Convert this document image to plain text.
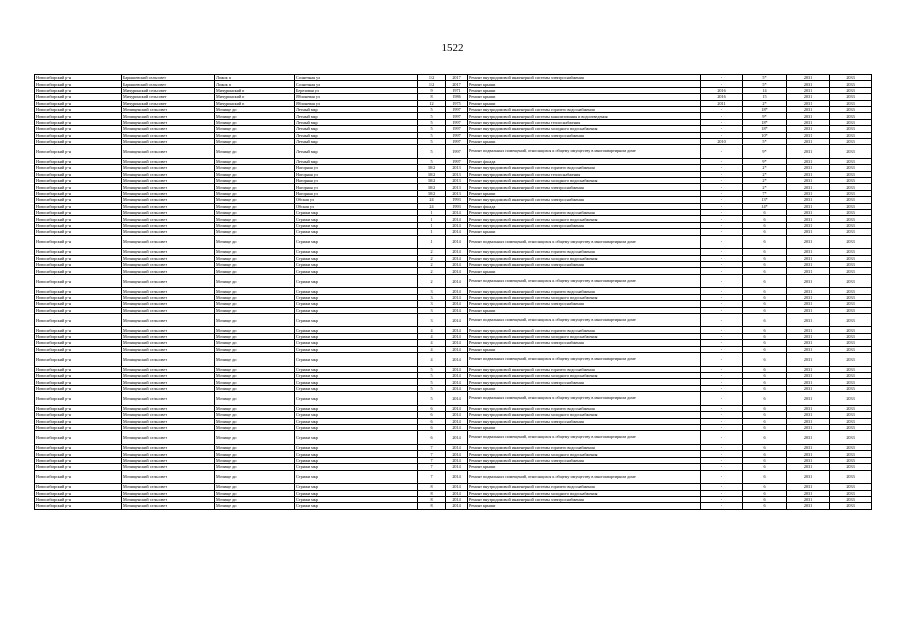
1522
Новосибирский р-н	Барышевский сельсовет	Ложок п	Солнечная ул	1/2	2017	Ремонт внутридомовой инженерной системы электроснабжения	-	5*	2031	2033
Новосибирский р-н	Барышевский сельсовет	Ложок п	Солнечная ул	1/2	2017	Ремонт крыши	-	5*	2031	2033
Новосибирский р-н	Мичуринский сельсовет	Мичуринский п	Березовая ул	9	1971	Ремонт крыши	2016	14	2031	2033
Новосибирский р-н	Мичуринский сельсовет	Мичуринский п	Яблоневая ул	8	1986	Ремонт крыши	2016	15	2031	2033
Новосибирский р-н	Мичуринский сельсовет	Мичуринский п	Яблоневая ул	12	1975	Ремонт крыши	2011	2*	2031	2033
Новосибирский р-н	Мочищенский сельсовет	Мочище дп	Летный мкр	5	1997	Ремонт внутридомовой инженерной системы горячего водоснабжения	-	18*	2031	2033
Новосибирский р-н	Мочищенский сельсовет	Мочище дп	Летный мкр	5	1997	Ремонт внутридомовой инженерной системы канализования и водоотведения	-	9*	2031	2033
Новосибирский р-н	Мочищенский сельсовет	Мочище дп	Летный мкр	5	1997	Ремонт внутридомовой инженерной системы теплоснабжения	-	18*	2031	2033
Новосибирский р-н	Мочищенский сельсовет	Мочище дп	Летный мкр	5	1997	Ремонт внутридомовой инженерной системы холодного водоснабжения	-	18*	2031	2033
Новосибирский р-н	Мочищенский сельсовет	Мочище дп	Летный мкр	5	1997	Ремонт внутридомовой инженерной системы электроснабжения	-	10*	2031	2033
Новосибирский р-н	Мочищенский сельсовет	Мочище дп	Летный мкр	5	1997	Ремонт крыши	2010	5*	2031	2033
Новосибирский р-н	Мочищенский сельсовет	Мочище дп	Летный мкр	5	1997	Ремонт подвальных помещений, относящихся к общему имуществу в многоквартирном доме	-	9*	2031	2033
Новосибирский р-н	Мочищенский сельсовет	Мочище дп	Летный мкр	5	1997	Ремонт фасада	-	9*	2031	2033
Новосибирский р-н	Мочищенский сельсовет	Мочище дп	Нагорная ул	30/2	2013	Ремонт внутридомовой инженерной системы горячего водоснабжения	-	2*	2031	2033
Новосибирский р-н	Мочищенский сельсовет	Мочище дп	Нагорная ул	30/2	2013	Ремонт внутридомовой инженерной системы теплоснабжения	-	2*	2031	2033
Новосибирский р-н	Мочищенский сельсовет	Мочище дп	Нагорная ул	30/2	2013	Ремонт внутридомовой инженерной системы холодного водоснабжения	-	2*	2031	2033
Новосибирский р-н	Мочищенский сельсовет	Мочище дп	Нагорная ул	30/2	2013	Ремонт внутридомовой инженерной системы электроснабжения	-	2*	2031	2033
Новосибирский р-н	Мочищенский сельсовет	Мочище дп	Нагорная ул	30/2	2013	Ремонт крыши	-	7*	2031	2033
Новосибирский р-н	Мочищенский сельсовет	Мочище дп	Обская ул	24	1993	Ремонт внутридомовой инженерной системы электроснабжения	-	13*	2031	2033
Новосибирский р-н	Мочищенский сельсовет	Мочище дп	Обская ул	24	1993	Ремонт фасада	-	14*	2031	2033
Новосибирский р-н	Мочищенский сельсовет	Мочище дп	Стрижи мкр	1	2014	Ремонт внутридомовой инженерной системы горячего водоснабжения	-	6	2031	2033
Новосибирский р-н	Мочищенский сельсовет	Мочище дп	Стрижи мкр	1	2014	Ремонт внутридомовой инженерной системы холодного водоснабжения	-	6	2031	2033
Новосибирский р-н	Мочищенский сельсовет	Мочище дп	Стрижи мкр	1	2014	Ремонт внутридомовой инженерной системы электроснабжения	-	6	2031	2033
Новосибирский р-н	Мочищенский сельсовет	Мочище дп	Стрижи мкр	1	2014	Ремонт крыши	-	6	2031	2033
Новосибирский р-н	Мочищенский сельсовет	Мочище дп	Стрижи мкр	1	2014	Ремонт подвальных помещений, относящихся к общему имуществу в многоквартирном доме	-	6	2031	2033
Новосибирский р-н	Мочищенский сельсовет	Мочище дп	Стрижи мкр	2	2014	Ремонт внутридомовой инженерной системы горячего водоснабжения	-	6	2031	2033
Новосибирский р-н	Мочищенский сельсовет	Мочище дп	Стрижи мкр	2	2014	Ремонт внутридомовой инженерной системы холодного водоснабжения	-	6	2031	2033
Новосибирский р-н	Мочищенский сельсовет	Мочище дп	Стрижи мкр	2	2014	Ремонт внутридомовой инженерной системы электроснабжения	-	6	2031	2033
Новосибирский р-н	Мочищенский сельсовет	Мочище дп	Стрижи мкр	2	2014	Ремонт крыши	-	6	2031	2033
Новосибирский р-н	Мочищенский сельсовет	Мочище дп	Стрижи мкр	2	2014	Ремонт подвальных помещений, относящихся к общему имуществу в многоквартирном доме	-	6	2031	2033
Новосибирский р-н	Мочищенский сельсовет	Мочище дп	Стрижи мкр	3	2014	Ремонт внутридомовой инженерной системы горячего водоснабжения	-	6	2031	2033
Новосибирский р-н	Мочищенский сельсовет	Мочище дп	Стрижи мкр	3	2014	Ремонт внутридомовой инженерной системы холодного водоснабжения	-	6	2031	2033
Новосибирский р-н	Мочищенский сельсовет	Мочище дп	Стрижи мкр	3	2014	Ремонт внутридомовой инженерной системы электроснабжения	-	6	2031	2033
Новосибирский р-н	Мочищенский сельсовет	Мочище дп	Стрижи мкр	3	2014	Ремонт крыши	-	6	2031	2033
Новосибирский р-н	Мочищенский сельсовет	Мочище дп	Стрижи мкр	3	2014	Ремонт подвальных помещений, относящихся к общему имуществу в многоквартирном доме	-	6	2031	2033
Новосибирский р-н	Мочищенский сельсовет	Мочище дп	Стрижи мкр	4	2014	Ремонт внутридомовой инженерной системы горячего водоснабжения	-	6	2031	2033
Новосибирский р-н	Мочищенский сельсовет	Мочище дп	Стрижи мкр	4	2014	Ремонт внутридомовой инженерной системы холодного водоснабжения	-	6	2031	2033
Новосибирский р-н	Мочищенский сельсовет	Мочище дп	Стрижи мкр	4	2014	Ремонт внутридомовой инженерной системы электроснабжения	-	6	2031	2033
Новосибирский р-н	Мочищенский сельсовет	Мочище дп	Стрижи мкр	4	2014	Ремонт крыши	-	6	2031	2033
Новосибирский р-н	Мочищенский сельсовет	Мочище дп	Стрижи мкр	4	2014	Ремонт подвальных помещений, относящихся к общему имуществу в многоквартирном доме	-	6	2031	2033
Новосибирский р-н	Мочищенский сельсовет	Мочище дп	Стрижи мкр	5	2014	Ремонт внутридомовой инженерной системы горячего водоснабжения	-	6	2031	2033
Новосибирский р-н	Мочищенский сельсовет	Мочище дп	Стрижи мкр	5	2014	Ремонт внутридомовой инженерной системы холодного водоснабжения	-	6	2031	2033
Новосибирский р-н	Мочищенский сельсовет	Мочище дп	Стрижи мкр	5	2014	Ремонт внутридомовой инженерной системы электроснабжения	-	6	2031	2033
Новосибирский р-н	Мочищенский сельсовет	Мочище дп	Стрижи мкр	5	2014	Ремонт крыши	-	6	2031	2033
Новосибирский р-н	Мочищенский сельсовет	Мочище дп	Стрижи мкр	5	2014	Ремонт подвальных помещений, относящихся к общему имуществу в многоквартирном доме	-	6	2031	2033
Новосибирский р-н	Мочищенский сельсовет	Мочище дп	Стрижи мкр	6	2014	Ремонт внутридомовой инженерной системы горячего водоснабжения	-	6	2031	2033
Новосибирский р-н	Мочищенский сельсовет	Мочище дп	Стрижи мкр	6	2014	Ремонт внутридомовой инженерной системы холодного водоснабжения	-	6	2031	2033
Новосибирский р-н	Мочищенский сельсовет	Мочище дп	Стрижи мкр	6	2014	Ремонт внутридомовой инженерной системы электроснабжения	-	6	2031	2033
Новосибирский р-н	Мочищенский сельсовет	Мочище дп	Стрижи мкр	6	2014	Ремонт крыши	-	6	2031	2033
Новосибирский р-н	Мочищенский сельсовет	Мочище дп	Стрижи мкр	6	2014	Ремонт подвальных помещений, относящихся к общему имуществу в многоквартирном доме	-	6	2031	2033
Новосибирский р-н	Мочищенский сельсовет	Мочище дп	Стрижи мкр	7	2014	Ремонт внутридомовой инженерной системы горячего водоснабжения	-	6	2031	2033
Новосибирский р-н	Мочищенский сельсовет	Мочище дп	Стрижи мкр	7	2014	Ремонт внутридомовой инженерной системы холодного водоснабжения	-	6	2031	2033
Новосибирский р-н	Мочищенский сельсовет	Мочище дп	Стрижи мкр	7	2014	Ремонт внутридомовой инженерной системы электроснабжения	-	6	2031	2033
Новосибирский р-н	Мочищенский сельсовет	Мочище дп	Стрижи мкр	7	2014	Ремонт крыши	-	6	2031	2033
Новосибирский р-н	Мочищенский сельсовет	Мочище дп	Стрижи мкр	7	2014	Ремонт подвальных помещений, относящихся к общему имуществу в многоквартирном доме	-	6	2031	2033
Новосибирский р-н	Мочищенский сельсовет	Мочище дп	Стрижи мкр	8	2014	Ремонт внутридомовой инженерной системы горячего водоснабжения	-	6	2031	2033
Новосибирский р-н	Мочищенский сельсовет	Мочище дп	Стрижи мкр	8	2014	Ремонт внутридомовой инженерной системы холодного водоснабжения	-	6	2031	2033
Новосибирский р-н	Мочищенский сельсовет	Мочище дп	Стрижи мкр	8	2014	Ремонт внутридомовой инженерной системы электроснабжения	-	6	2031	2033
Новосибирский р-н	Мочищенский сельсовет	Мочище дп	Стрижи мкр	8	2014	Ремонт крыши	-	6	2031	2033
